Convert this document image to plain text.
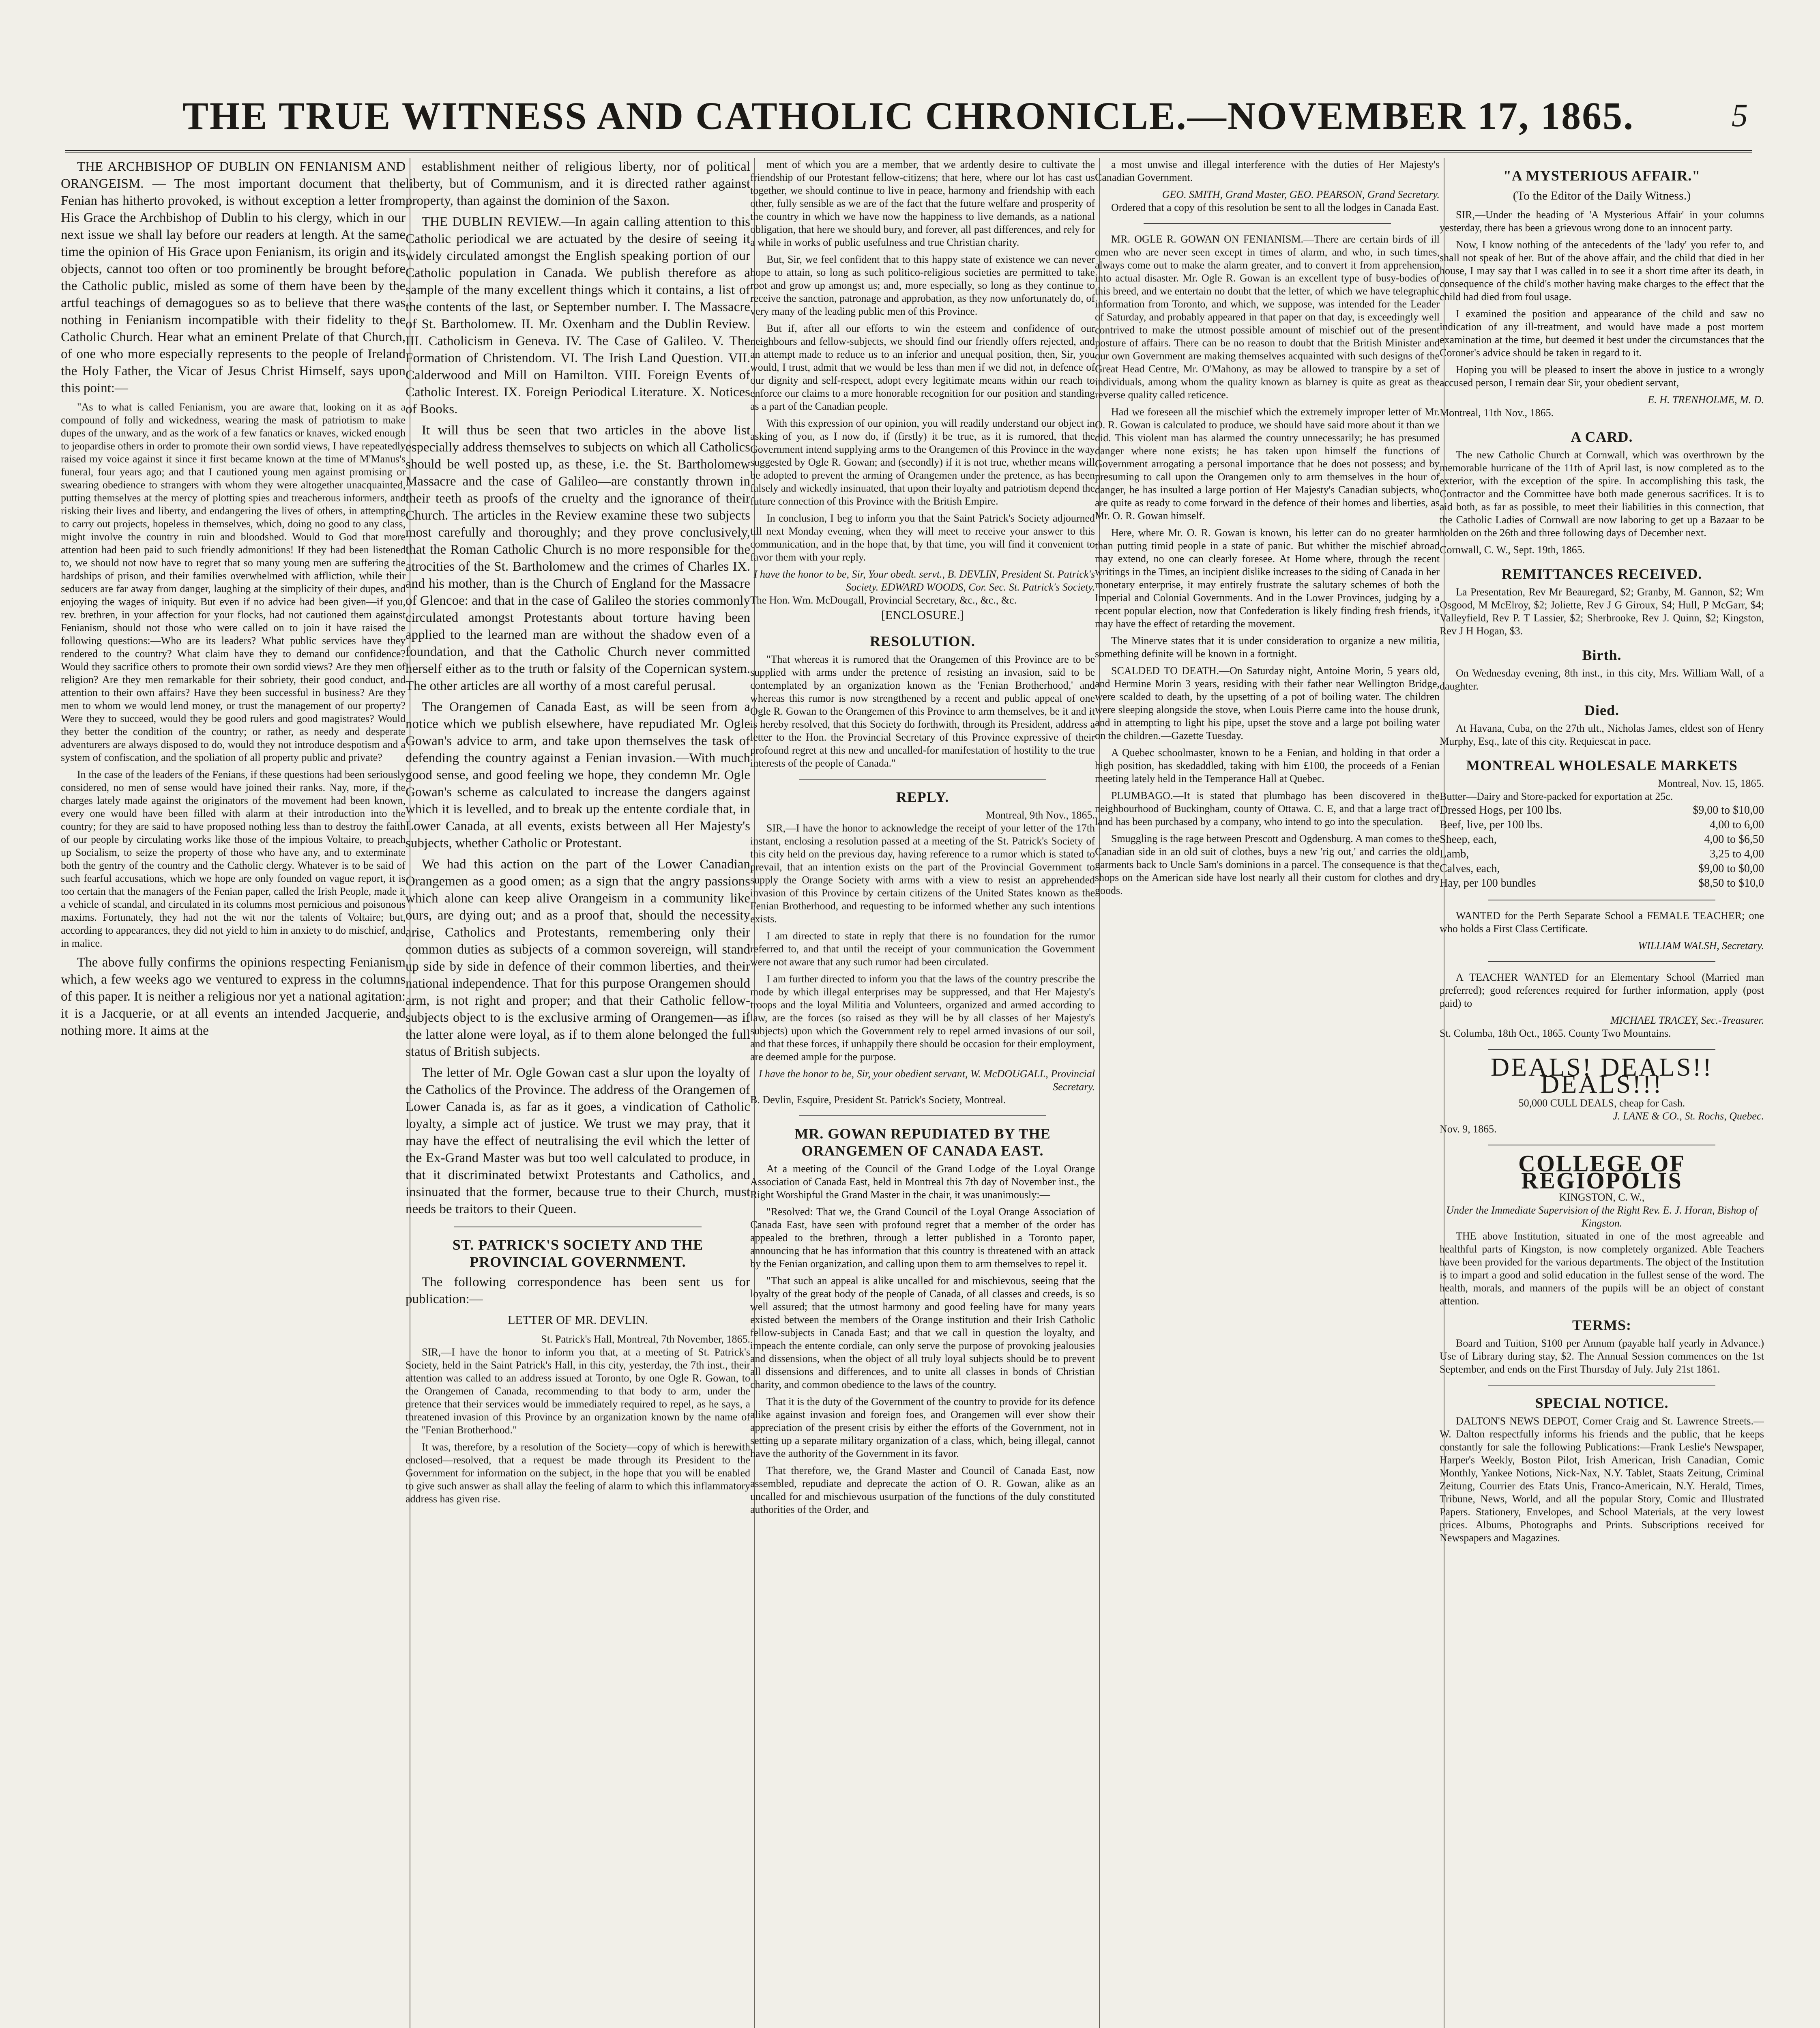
THE TRUE WITNESS AND CATHOLIC CHRONICLE.—NOVEMBER 17, 1865.	5

THE ARCHBISHOP OF DUBLIN ON FENIANISM AND ORANGEISM. — The most important document that the Fenian has hitherto provoked, is without exception a letter from His Grace the Archbishop of Dublin to his clergy, which in our next issue we shall lay before our readers at length. At the same time the opinion of His Grace upon Fenianism, its origin and its objects, cannot too often or too prominently be brought before the Catholic public, misled as some of them have been by the artful teachings of demagogues so as to believe that there was nothing in Fenianism incompatible with their fidelity to the Catholic Church. Hear what an eminent Prelate of that Church, of one who more especially represents to the people of Ireland the Holy Father, the Vicar of Jesus Christ Himself, says upon this point:—

"As to what is called Fenianism, you are aware that, looking on it as a compound of folly and wickedness, wearing the mask of patriotism to make dupes of the unwary, and as the work of a few fanatics or knaves, wicked enough to jeopardise others in order to promote their own sordid views, I have repeatedly raised my voice against it since it first became known at the time of M'Manus's funeral, four years ago; and that I cautioned young men against promising or swearing obedience to strangers with whom they were altogether unacquainted, putting themselves at the mercy of plotting spies and treacherous informers, and risking their lives and liberty, and endangering the lives of others, in attempting to carry out projects, hopeless in themselves, which, doing no good to any class, might involve the country in ruin and bloodshed. Would to God that more attention had been paid to such friendly admonitions! If they had been listened to, we should not now have to regret that so many young men are suffering the hardships of prison, and their families overwhelmed with affliction, while their seducers are far away from danger, laughing at the simplicity of their dupes, and enjoying the wages of iniquity. But even if no advice had been given—if you, rev. brethren, in your affection for your flocks, had not cautioned them against Fenianism, should not those who were called on to join it have raised the following questions:—Who are its leaders? What public services have they rendered to the country? What claim have they to demand our confidence? Would they sacrifice others to promote their own sordid views? Are they men of religion? Are they men remarkable for their sobriety, their good conduct, and attention to their own affairs? Have they been successful in business? Are they men to whom we would lend money, or trust the management of our property? Were they to succeed, would they be good rulers and good magistrates? Would they better the condition of the country; or rather, as needy and desperate adventurers are always disposed to do, would they not introduce despotism and a system of confiscation, and the spoliation of all property public and private?

In the case of the leaders of the Fenians, if these questions had been seriously considered, no men of sense would have joined their ranks. Nay, more, if the charges lately made against the originators of the movement had been known, every one would have been filled with alarm at their introduction into the country; for they are said to have proposed nothing less than to destroy the faith of our people by circulating works like those of the impious Voltaire, to preach up Socialism, to seize the property of those who have any, and to exterminate both the gentry of the country and the Catholic clergy. Whatever is to be said of such fearful accusations, which we hope are only founded on vague report, it is too certain that the managers of the Fenian paper, called the Irish People, made it a vehicle of scandal, and circulated in its columns most pernicious and poisonous maxims. Fortunately, they had not the wit nor the talents of Voltaire; but, according to appearances, they did not yield to him in anxiety to do mischief, and in malice.

The above fully confirms the opinions respecting Fenianism which, a few weeks ago we ventured to express in the columns of this paper. It is neither a religious nor yet a national agitation: it is a Jacquerie, or at all events an intended Jacquerie, and nothing more. It aims at the

establishment neither of religious liberty, nor of political liberty, but of Communism, and it is directed rather against property, than against the dominion of the Saxon.

THE DUBLIN REVIEW.—In again calling attention to this Catholic periodical we are actuated by the desire of seeing it widely circulated amongst the English speaking portion of our Catholic population in Canada. We publish therefore as a sample of the many excellent things which it contains, a list of the contents of the last, or September number. I. The Massacre of St. Bartholomew. II. Mr. Oxenham and the Dublin Review. III. Catholicism in Geneva. IV. The Case of Galileo. V. The Formation of Christendom. VI. The Irish Land Question. VII. Calderwood and Mill on Hamilton. VIII. Foreign Events of Catholic Interest. IX. Foreign Periodical Literature. X. Notices of Books.

It will thus be seen that two articles in the above list especially address themselves to subjects on which all Catholics should be well posted up, as these, i.e. the St. Bartholomew Massacre and the case of Galileo—are constantly thrown in their teeth as proofs of the cruelty and the ignorance of their Church. The articles in the Review examine these two subjects most carefully and thoroughly; and they prove conclusively, that the Roman Catholic Church is no more responsible for the atrocities of the St. Bartholomew and the crimes of Charles IX. and his mother, than is the Church of England for the Massacre of Glencoe: and that in the case of Galileo the stories commonly circulated amongst Protestants about torture having been applied to the learned man are without the shadow even of a foundation, and that the Catholic Church never committed herself either as to the truth or falsity of the Copernican system. The other articles are all worthy of a most careful perusal.

The Orangemen of Canada East, as will be seen from a notice which we publish elsewhere, have repudiated Mr. Ogle Gowan's advice to arm, and take upon themselves the task of defending the country against a Fenian invasion.—With much good sense, and good feeling we hope, they condemn Mr. Ogle Gowan's scheme as calculated to increase the dangers against which it is levelled, and to break up the entente cordiale that, in Lower Canada, at all events, exists between all Her Majesty's subjects, whether Catholic or Protestant.

We had this action on the part of the Lower Canadian Orangemen as a good omen; as a sign that the angry passions which alone can keep alive Orangeism in a community like ours, are dying out; and as a proof that, should the necessity arise, Catholics and Protestants, remembering only their common duties as subjects of a common sovereign, will stand up side by side in defence of their common liberties, and their national independence. That for this purpose Orangemen should arm, is not right and proper; and that their Catholic fellow-subjects object to is the exclusive arming of Orangemen—as if the latter alone were loyal, as if to them alone belonged the full status of British subjects.

The letter of Mr. Ogle Gowan cast a slur upon the loyalty of the Catholics of the Province. The address of the Orangemen of Lower Canada is, as far as it goes, a vindication of Catholic loyalty, a simple act of justice. We trust we may pray, that it may have the effect of neutralising the evil which the letter of the Ex-Grand Master was but too well calculated to produce, in that it discriminated betwixt Protestants and Catholics, and insinuated that the former, because true to their Church, must needs be traitors to their Queen.

ST. PATRICK'S SOCIETY AND THE PROVINCIAL GOVERNMENT.

The following correspondence has been sent us for publication:—

LETTER OF MR. DEVLIN.
St. Patrick's Hall, Montreal, 7th November, 1865.

SIR,—I have the honor to inform you that, at a meeting of St. Patrick's Society, held in the Saint Patrick's Hall, in this city, yesterday, the 7th inst., their attention was called to an address issued at Toronto, by one Ogle R. Gowan, to the Orangemen of Canada, recommending to that body to arm, under the pretence that their services would be immediately required to repel, as he says, a threatened invasion of this Province by an organization known by the name of the "Fenian Brotherhood."

It was, therefore, by a resolution of the Society—copy of which is herewith enclosed—resolved, that a request be made through its President to the Government for information on the subject, in the hope that you will be enabled to give such answer as shall allay the feeling of alarm to which this inflammatory address has given rise.

ment of which you are a member, that we ardently desire to cultivate the friendship of our Protestant fellow-citizens; that here, where our lot has cast us together, we should continue to live in peace, harmony and friendship with each other, fully sensible as we are of the fact that the future welfare and prosperity of the country in which we have now the happiness to live demands, as a national obligation, that here we should bury, and forever, all past differences, and rely for a while in works of public usefulness and true Christian charity.

But, Sir, we feel confident that to this happy state of existence we can never hope to attain, so long as such politico-religious societies are permitted to take root and grow up amongst us; and, more especially, so long as they continue to receive the sanction, patronage and approbation, as they now unfortunately do, of very many of the leading public men of this Province.

But if, after all our efforts to win the esteem and confidence of our neighbours and fellow-subjects, we should find our friendly offers rejected, and an attempt made to reduce us to an inferior and unequal position, then, Sir, you would, I trust, admit that we would be less than men if we did not, in defence of our dignity and self-respect, adopt every legitimate means within our reach to enforce our claims to a more honorable recognition for our position and standing as a part of the Canadian people.

With this expression of our opinion, you will readily understand our object in asking of you, as I now do, if (firstly) it be true, as it is rumored, that the Government intend supplying arms to the Orangemen of this Province in the way suggested by Ogle R. Gowan; and (secondly) if it is not true, whether means will be adopted to prevent the arming of Orangemen under the pretence, as has been falsely and wickedly insinuated, that upon their loyalty and patriotism depend the future connection of this Province with the British Empire.

In conclusion, I beg to inform you that the Saint Patrick's Society adjourned till next Monday evening, when they will meet to receive your answer to this communication, and in the hope that, by that time, you will find it convenient to favor them with your reply.

I have the honor to be, Sir, Your obedt. servt., B. DEVLIN, President St. Patrick's Society. EDWARD WOODS, Cor. Sec. St. Patrick's Society.
The Hon. Wm. McDougall, Provincial Secretary, &c., &c., &c.
[ENCLOSURE.]
RESOLUTION.

"That whereas it is rumored that the Orangemen of this Province are to be supplied with arms under the pretence of resisting an invasion, said to be contemplated by an organization known as the 'Fenian Brotherhood,' and whereas this rumor is now strengthened by a recent and public appeal of one Ogle R. Gowan to the Orangemen of this Province to arm themselves, be it and it is hereby resolved, that this Society do forthwith, through its President, address a letter to the Hon. the Provincial Secretary of this Province expressive of their profound regret at this new and uncalled-for manifestation of hostility to the true interests of the people of Canada."

REPLY.
Montreal, 9th Nov., 1865.

SIR,—I have the honor to acknowledge the receipt of your letter of the 17th instant, enclosing a resolution passed at a meeting of the St. Patrick's Society of this city held on the previous day, having reference to a rumor which is stated to prevail, that an intention exists on the part of the Provincial Government to supply the Orange Society with arms with a view to resist an apprehended invasion of this Province by certain citizens of the United States known as the Fenian Brotherhood, and requesting to be informed whether any such intentions exists.

I am directed to state in reply that there is no foundation for the rumor referred to, and that until the receipt of your communication the Government were not aware that any such rumor had been circulated.

I am further directed to inform you that the laws of the country prescribe the mode by which illegal enterprises may be suppressed, and that Her Majesty's troops and the loyal Militia and Volunteers, organized and armed according to law, are the forces (so raised as they will be by all classes of her Majesty's subjects) upon which the Government rely to repel armed invasions of our soil, and that these forces, if unhappily there should be occasion for their employment, are deemed ample for the purpose.

I have the honor to be, Sir, your obedient servant, W. McDOUGALL, Provincial Secretary.
B. Devlin, Esquire, President St. Patrick's Society, Montreal.
MR. GOWAN REPUDIATED BY THE ORANGEMEN OF CANADA EAST.

At a meeting of the Council of the Grand Lodge of the Loyal Orange Association of Canada East, held in Montreal this 7th day of November inst., the Right Worshipful the Grand Master in the chair, it was unanimously:—

"Resolved: That we, the Grand Council of the Loyal Orange Association of Canada East, have seen with profound regret that a member of the order has appealed to the brethren, through a letter published in a Toronto paper, announcing that he has information that this country is threatened with an attack by the Fenian organization, and calling upon them to arm themselves to repel it.

"That such an appeal is alike uncalled for and mischievous, seeing that the loyalty of the great body of the people of Canada, of all classes and creeds, is so well assured; that the utmost harmony and good feeling have for many years existed between the members of the Orange institution and their Irish Catholic fellow-subjects in Canada East; and that we call in question the loyalty, and impeach the entente cordiale, can only serve the purpose of provoking jealousies and dissensions, when the object of all truly loyal subjects should be to prevent all dissensions and differences, and to unite all classes in bonds of Christian charity, and common obedience to the laws of the country.

That it is the duty of the Government of the country to provide for its defence alike against invasion and foreign foes, and Orangemen will ever show their appreciation of the present crisis by either the efforts of the Government, not in setting up a separate military organization of a class, which, being illegal, cannot have the authority of the Government in its favor.

That therefore, we, the Grand Master and Council of Canada East, now assembled, repudiate and deprecate the action of O. R. Gowan, alike as an uncalled for and mischievous usurpation of the functions of the duly constituted authorities of the Order, and

a most unwise and illegal interference with the duties of Her Majesty's Canadian Government.

GEO. SMITH, Grand Master, GEO. PEARSON, Grand Secretary.

Ordered that a copy of this resolution be sent to all the lodges in Canada East.

MR. OGLE R. GOWAN ON FENIANISM.—There are certain birds of ill omen who are never seen except in times of alarm, and who, in such times, always come out to make the alarm greater, and to convert it from apprehension into actual disaster. Mr. Ogle R. Gowan is an excellent type of busy-bodies of this breed, and we entertain no doubt that the letter, of which we have telegraphic information from Toronto, and which, we suppose, was intended for the Leader of Saturday, and probably appeared in that paper on that day, is exceedingly well contrived to make the utmost possible amount of mischief out of the present posture of affairs. There can be no reason to doubt that the British Minister and our own Government are making themselves acquainted with such designs of the Great Head Centre, Mr. O'Mahony, as may be allowed to transpire by a set of individuals, among whom the quality known as blarney is quite as great as the reverse quality called reticence.

Had we foreseen all the mischief which the extremely improper letter of Mr. O. R. Gowan is calculated to produce, we should have said more about it than we did. This violent man has alarmed the country unnecessarily; he has presumed danger where none exists; he has taken upon himself the functions of Government arrogating a personal importance that he does not possess; and by presuming to call upon the Orangemen only to arm themselves in the hour of danger, he has insulted a large portion of Her Majesty's Canadian subjects, who are quite as ready to come forward in the defence of their homes and liberties, as Mr. O. R. Gowan himself.

Here, where Mr. O. R. Gowan is known, his letter can do no greater harm than putting timid people in a state of panic. But whither the mischief abroad may extend, no one can clearly foresee. At Home where, through the recent writings in the Times, an incipient dislike increases to the siding of Canada in her monetary enterprise, it may entirely frustrate the salutary schemes of both the Imperial and Colonial Governments. And in the Lower Provinces, judging by a recent popular election, now that Confederation is likely finding fresh friends, it may have the effect of retarding the movement.

The Minerve states that it is under consideration to organize a new militia, something definite will be known in a fortnight.

SCALDED TO DEATH.—On Saturday night, Antoine Morin, 5 years old, and Hermine Morin 3 years, residing with their father near Wellington Bridge, were scalded to death, by the upsetting of a pot of boiling water. The children were sleeping alongside the stove, when Louis Pierre came into the house drunk, and in attempting to light his pipe, upset the stove and a large pot boiling water on the children.—Gazette Tuesday.

A Quebec schoolmaster, known to be a Fenian, and holding in that order a high position, has skedaddled, taking with him £100, the proceeds of a Fenian meeting lately held in the Temperance Hall at Quebec.

PLUMBAGO.—It is stated that plumbago has been discovered in the neighbourhood of Buckingham, county of Ottawa. C. E, and that a large tract of land has been purchased by a company, who intend to go into the speculation.

Smuggling is the rage between Prescott and Ogdensburg. A man comes to the Canadian side in an old suit of clothes, buys a new 'rig out,' and carries the old garments back to Uncle Sam's dominions in a parcel. The consequence is that the shops on the American side have lost nearly all their custom for clothes and dry goods.

"A MYSTERIOUS AFFAIR."
(To the Editor of the Daily Witness.)

SIR,—Under the heading of 'A Mysterious Affair' in your columns yesterday, there has been a grievous wrong done to an innocent party.

Now, I know nothing of the antecedents of the 'lady' you refer to, and shall not speak of her. But of the above affair, and the child that died in her house, I may say that I was called in to see it a short time after its death, in consequence of the child's mother having make charges to the effect that the child had died from foul usage.

I examined the position and appearance of the child and saw no indication of any ill-treatment, and would have made a post mortem examination at the time, but deemed it best under the circumstances that the Coroner's advice should be taken in regard to it.

Hoping you will be pleased to insert the above in justice to a wrongly accused person, I remain dear Sir, your obedient servant,

E. H. TRENHOLME, M. D.
Montreal, 11th Nov., 1865.
A CARD.

The new Catholic Church at Cornwall, which was overthrown by the memorable hurricane of the 11th of April last, is now completed as to the exterior, with the exception of the spire. In accomplishing this task, the Contractor and the Committee have both made generous sacrifices. It is to aid both, as far as possible, to meet their liabilities in this connection, that the Catholic Ladies of Cornwall are now laboring to get up a Bazaar to be holden on the 26th and three following days of December next.

Cornwall, C. W., Sept. 19th, 1865.
REMITTANCES RECEIVED.

La Presentation, Rev Mr Beauregard, $2; Granby, M. Gannon, $2; Wm Osgood, M McElroy, $2; Joliette, Rev J G Giroux, $4; Hull, P McGarr, $4; Valleyfield, Rev P. T Lassier, $2; Sherbrooke, Rev J. Quinn, $2; Kingston, Rev J H Hogan, $3.

Birth.

On Wednesday evening, 8th inst., in this city, Mrs. William Wall, of a daughter.

Died.

At Havana, Cuba, on the 27th ult., Nicholas James, eldest son of Henry Murphy, Esq., late of this city. Requiescat in pace.

MONTREAL WHOLESALE MARKETS
Montreal, Nov. 15, 1865.
Butter—Dairy and Store-packed for exportation at 25c.
Dressed Hogs, per 100 lbs.	$9,00 to $10,00
Beef, live, per 100 lbs.	4,00 to 6,00
Sheep, each,	4,00 to $6,50
Lamb,	3,25 to 4,00
Calves, each,	$9,00 to $0,00
Hay, per 100 bundles	$8,50 to $10,0

WANTED for the Perth Separate School a FEMALE TEACHER; one who holds a First Class Certificate.

WILLIAM WALSH, Secretary.

A TEACHER WANTED for an Elementary School (Married man preferred); good references required for further information, apply (post paid) to

MICHAEL TRACEY, Sec.-Treasurer.
St. Columba, 18th Oct., 1865. County Two Mountains.
DEALS! DEALS!! DEALS!!!
50,000 CULL DEALS, cheap for Cash.
J. LANE & CO., St. Rochs, Quebec.
Nov. 9, 1865.
COLLEGE OF REGIOPOLIS
KINGSTON, C. W.,
Under the Immediate Supervision of the Right Rev. E. J. Horan, Bishop of Kingston.

THE above Institution, situated in one of the most agreeable and healthful parts of Kingston, is now completely organized. Able Teachers have been provided for the various departments. The object of the Institution is to impart a good and solid education in the fullest sense of the word. The health, morals, and manners of the pupils will be an object of constant attention.

TERMS:

Board and Tuition, $100 per Annum (payable half yearly in Advance.) Use of Library during stay, $2. The Annual Session commences on the 1st September, and ends on the First Thursday of July. July 21st 1861.

SPECIAL NOTICE.

DALTON'S NEWS DEPOT, Corner Craig and St. Lawrence Streets.—W. Dalton respectfully informs his friends and the public, that he keeps constantly for sale the following Publications:—Frank Leslie's Newspaper, Harper's Weekly, Boston Pilot, Irish American, Irish Canadian, Comic Monthly, Yankee Notions, Nick-Nax, N.Y. Tablet, Staats Zeitung, Criminal Zeitung, Courrier des Etats Unis, Franco-Americain, N.Y. Herald, Times, Tribune, News, World, and all the popular Story, Comic and Illustrated Papers. Stationery, Envelopes, and School Materials, at the very lowest prices. Albums, Photographs and Prints. Subscriptions received for Newspapers and Magazines.
